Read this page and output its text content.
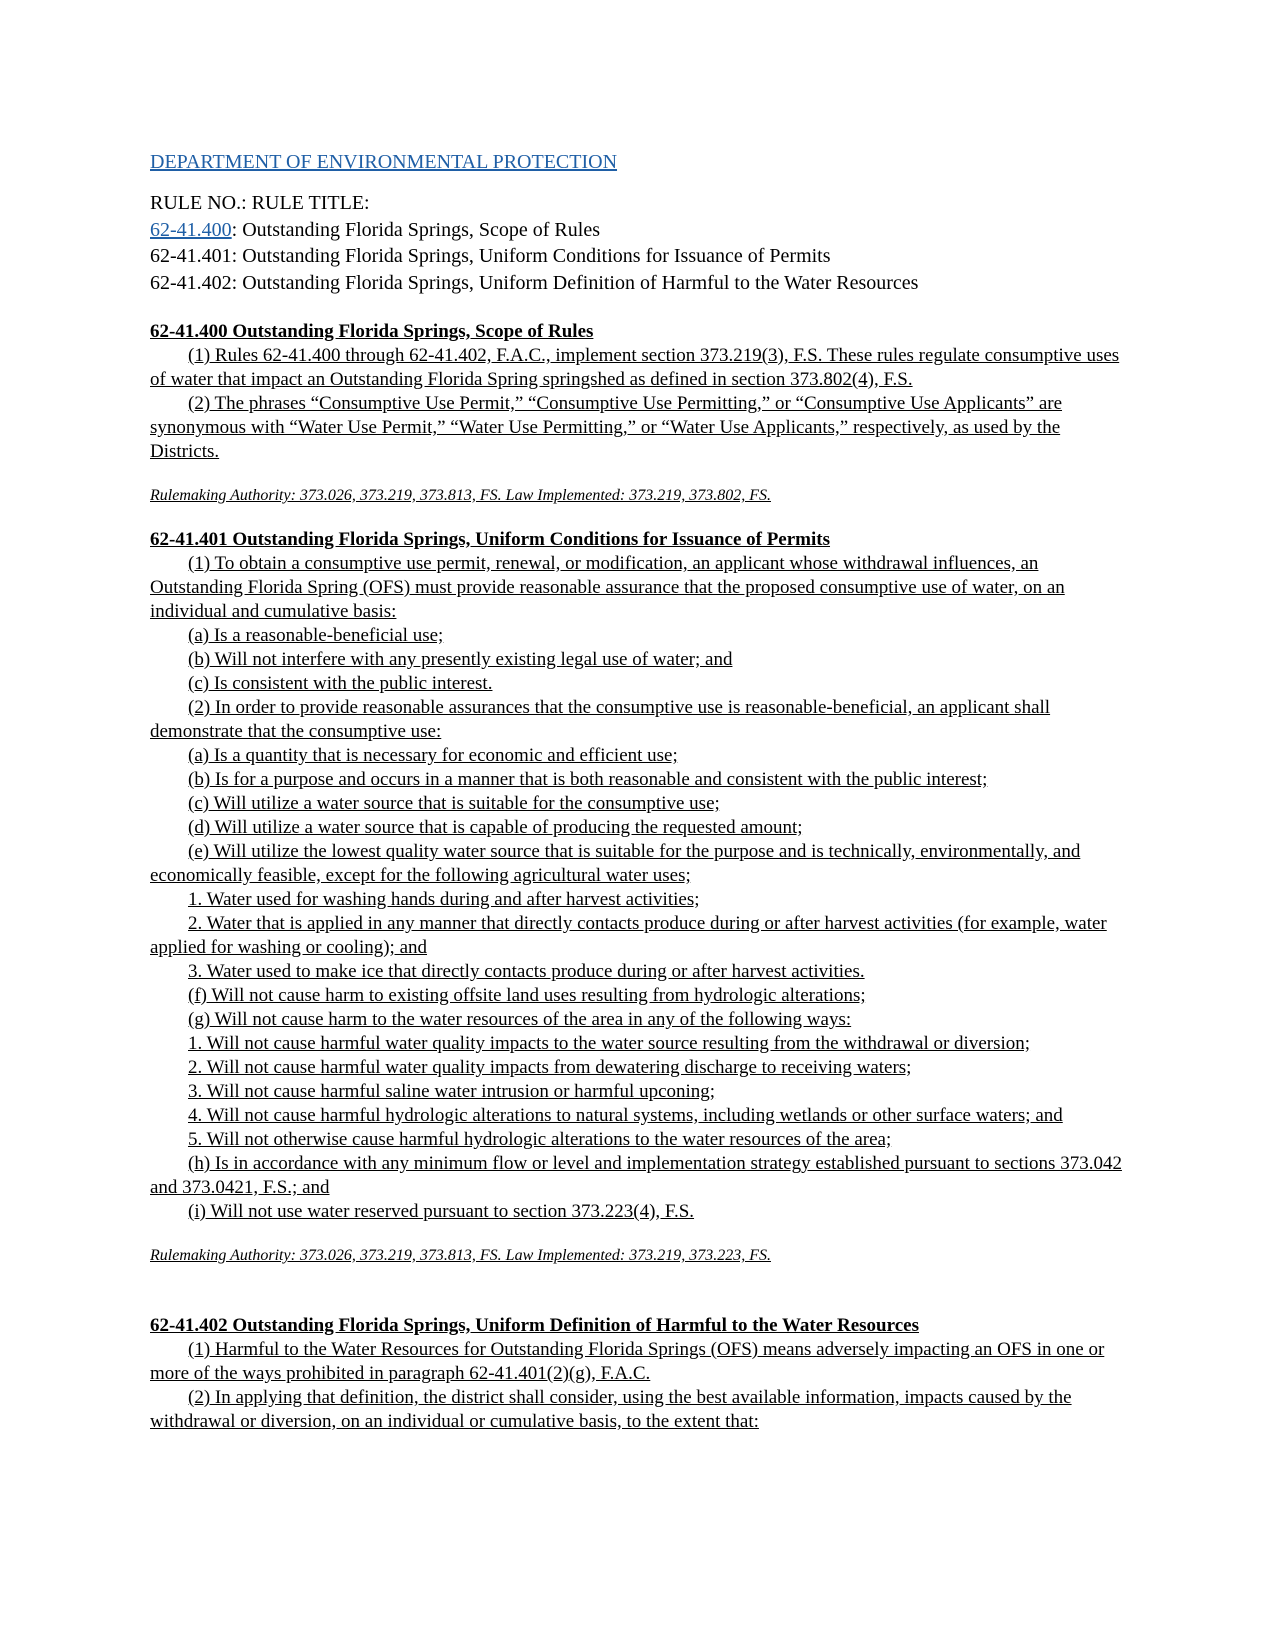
DEPARTMENT OF ENVIRONMENTAL PROTECTION
RULE NO.: RULE TITLE:
62-41.400: Outstanding Florida Springs, Scope of Rules
62-41.401: Outstanding Florida Springs, Uniform Conditions for Issuance of Permits
62-41.402: Outstanding Florida Springs, Uniform Definition of Harmful to the Water Resources
62-41.400 Outstanding Florida Springs, Scope of Rules
(1) Rules 62-41.400 through 62-41.402, F.A.C., implement section 373.219(3), F.S. These rules regulate consumptive uses of water that impact an Outstanding Florida Spring springshed as defined in section 373.802(4), F.S.
(2) The phrases “Consumptive Use Permit,” “Consumptive Use Permitting,” or “Consumptive Use Applicants” are synonymous with “Water Use Permit,” “Water Use Permitting,” or “Water Use Applicants,” respectively, as used by the Districts.
Rulemaking Authority: 373.026, 373.219, 373.813, FS. Law Implemented: 373.219, 373.802, FS.
62-41.401 Outstanding Florida Springs, Uniform Conditions for Issuance of Permits
(1) To obtain a consumptive use permit, renewal, or modification, an applicant whose withdrawal influences, an Outstanding Florida Spring (OFS) must provide reasonable assurance that the proposed consumptive use of water, on an individual and cumulative basis:
(a) Is a reasonable-beneficial use;
(b) Will not interfere with any presently existing legal use of water; and
(c) Is consistent with the public interest.
(2) In order to provide reasonable assurances that the consumptive use is reasonable-beneficial, an applicant shall demonstrate that the consumptive use:
(a) Is a quantity that is necessary for economic and efficient use;
(b) Is for a purpose and occurs in a manner that is both reasonable and consistent with the public interest;
(c) Will utilize a water source that is suitable for the consumptive use;
(d) Will utilize a water source that is capable of producing the requested amount;
(e) Will utilize the lowest quality water source that is suitable for the purpose and is technically, environmentally, and economically feasible, except for the following agricultural water uses;
1. Water used for washing hands during and after harvest activities;
2. Water that is applied in any manner that directly contacts produce during or after harvest activities (for example, water applied for washing or cooling); and
3. Water used to make ice that directly contacts produce during or after harvest activities.
(f) Will not cause harm to existing offsite land uses resulting from hydrologic alterations;
(g) Will not cause harm to the water resources of the area in any of the following ways:
1. Will not cause harmful water quality impacts to the water source resulting from the withdrawal or diversion;
2. Will not cause harmful water quality impacts from dewatering discharge to receiving waters;
3. Will not cause harmful saline water intrusion or harmful upconing;
4. Will not cause harmful hydrologic alterations to natural systems, including wetlands or other surface waters; and
5. Will not otherwise cause harmful hydrologic alterations to the water resources of the area;
(h) Is in accordance with any minimum flow or level and implementation strategy established pursuant to sections 373.042 and 373.0421, F.S.; and
(i) Will not use water reserved pursuant to section 373.223(4), F.S.
Rulemaking Authority: 373.026, 373.219, 373.813, FS. Law Implemented: 373.219, 373.223, FS.
62-41.402 Outstanding Florida Springs, Uniform Definition of Harmful to the Water Resources
(1) Harmful to the Water Resources for Outstanding Florida Springs (OFS) means adversely impacting an OFS in one or more of the ways prohibited in paragraph 62-41.401(2)(g), F.A.C.
(2) In applying that definition, the district shall consider, using the best available information, impacts caused by the withdrawal or diversion, on an individual or cumulative basis, to the extent that:
